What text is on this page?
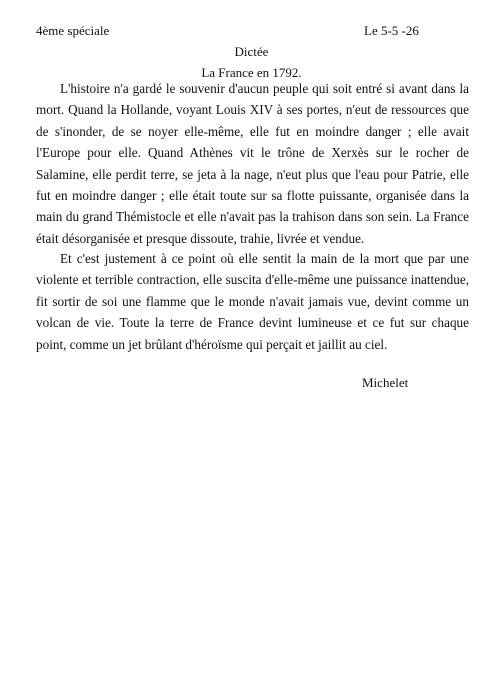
4ème spéciale	Le 5-5 -26
Dictée
La France en 1792.

L'histoire n'a gardé le souvenir d'aucun peuple qui soit entré si avant dans la mort. Quand la Hollande, voyant Louis XIV à ses portes, n'eut de ressources que de s'inonder, de se noyer elle-même, elle fut en moindre danger ; elle avait l'Europe pour elle. Quand Athènes vit le trône de Xerxès sur le rocher de Salamine, elle perdit terre, se jeta à la nage, n'eut plus que l'eau pour Patrie, elle fut en moindre danger ; elle était toute sur sa flotte puissante, organisée dans la main du grand Thémistocle et elle n'avait pas la trahison dans son sein. La France était désorganisée et presque dissoute, trahie, livrée et vendue.

Et c'est justement à ce point où elle sentit la main de la mort que par une violente et terrible contraction, elle suscita d'elle-même une puissance inattendue, fit sortir de soi une flamme que le monde n'avait jamais vue, devint comme un volcan de vie. Toute la terre de France devint lumineuse et ce fut sur chaque point, comme un jet brûlant d'héroïsme qui perçait et jaillit au ciel.

Michelet
